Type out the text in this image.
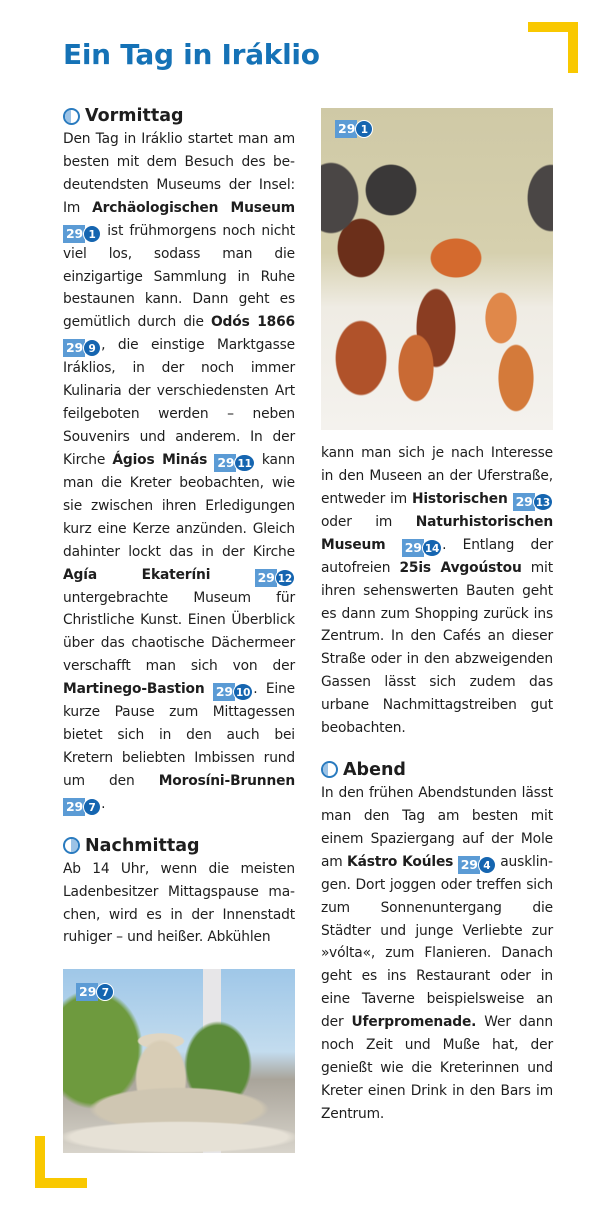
Ein Tag in Iráklio
Vormittag

Den Tag in Iráklio startet man am besten mit dem Besuch des bedeutendsten Museums der Insel: Im Archäologischen Museum
29 1 ist frühmorgens noch nicht viel los, sodass man die einzigartige Sammlung in Ruhe bestaunen kann. Dann geht es gemütlich durch die Odós 1866
29 9 , die einstige Marktgasse Iráklios, in der noch immer Kulinaria der verschiedensten Art feilgeboten werden – neben Souvenirs und anderem. In der Kirche Ágios Minás 29 11 kann man die Kreter beobachten, wie sie zwischen ihren Erledigungen kurz eine Kerze anzünden. Gleich dahinter lockt das in der Kirche Agía Ekateríni	29 12
untergebrachte Museum für Christliche Kunst. Einen Überblick über das chaotische Dächermeer verschafft man sich von der Martinego-Bastion 29 10 . Eine kurze Pause zum Mittagessen bietet sich in den auch bei Kretern beliebten Imbissen rund um den Morosíni-Brunnen
29 7 .

Nachmittag

Ab 14 Uhr, wenn die meisten Ladenbesitzer Mittagspause machen, wird es in der Innenstadt ruhiger – und heißer. Abkühlen

29 7
29 1

kann man sich je nach Interesse in den Museen an der Uferstraße, entweder im Historischen 29 13
oder im Naturhistorischen Museum 29 14 . Entlang der autofreien 25is Avgoústou mit ihren sehenswerten Bauten geht es dann zum Shopping zurück ins Zentrum. In den Cafés an dieser Straße oder in den abzweigenden Gassen lässt sich zudem das urbane Nachmittagstreiben gut beobachten.

Abend

In den frühen Abendstunden lässt man den Tag am besten mit einem Spaziergang auf der Mole am Kástro Koúles 29 4 ausklingen. Dort joggen oder treffen sich zum Sonnenuntergang die Städter und junge Verliebte zur »vólta«, zum Flanieren. Danach geht es ins Restaurant oder in eine Taverne beispielsweise an der Uferpromenade. Wer dann noch Zeit und Muße hat, der genießt wie die Kreterinnen und Kreter einen Drink in den Bars im Zentrum.
